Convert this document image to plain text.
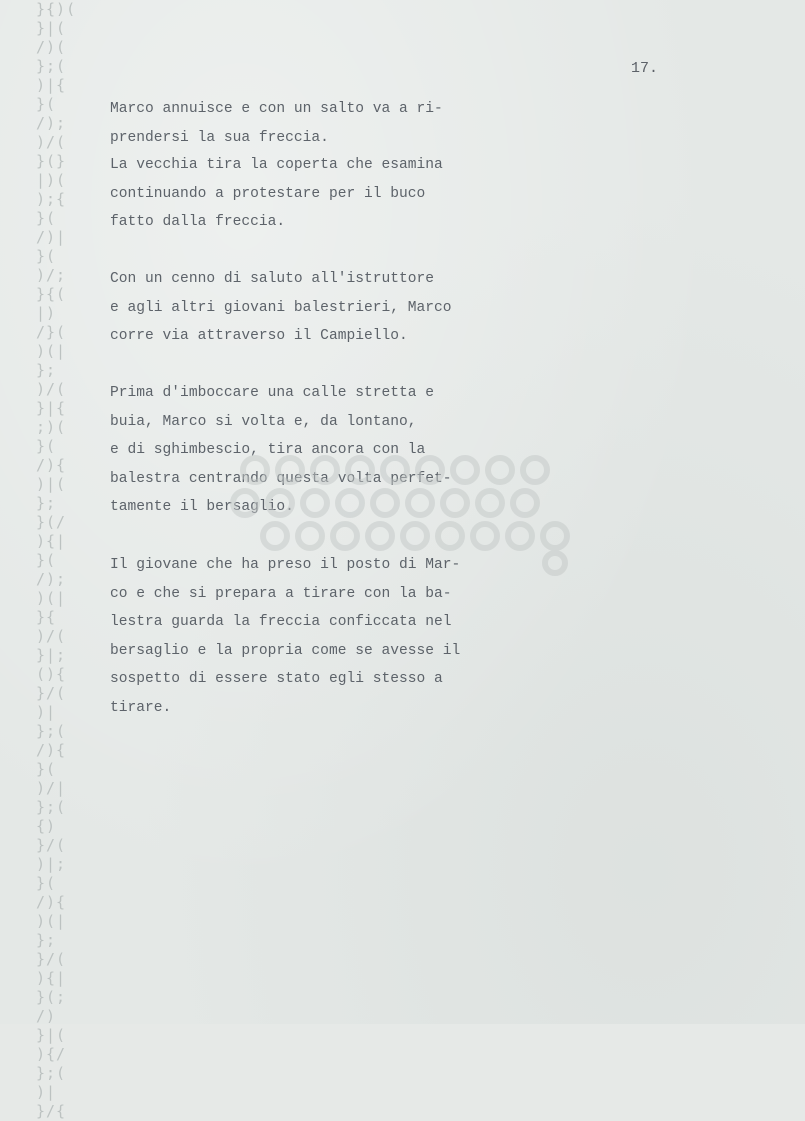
}{)(
}|(
/)(
};(
)|{
}(
/);
)/(
}(}
|)(
);{
}(
/)|
}(
)/;
}{(
|)
/}(
)(|
};
)/(
}|{
;)(
}(
/){
)|(
};
}(/
){|
}(
/);
)(|
}{
)/(
}|;
(){
}/(
)|
};(
/){
}(
)/|
};(
{)
}/(
)|;
}(
/){
)(|
};
}/(
){|
}(;
/)
}|(
){/
};(
)|
}/{
17.

Marco annuisce e con un salto va a ri-
prendersi la sua freccia.

La vecchia tira la coperta che esamina
continuando a protestare per il buco
fatto dalla freccia.

Con un cenno di saluto all'istruttore
e agli altri giovani balestrieri, Marco
corre via attraverso il Campiello.

Prima d'imboccare una calle stretta e
buia, Marco si volta e, da lontano,
e di sghimbescio, tira ancora con la
balestra centrando questa volta perfet-
tamente il bersaglio.

Il giovane che ha preso il posto di Mar-
co e che si prepara a tirare con la ba-
lestra guarda la freccia conficcata nel
bersaglio e la propria come se avesse il
sospetto di essere stato egli stesso a
tirare.
